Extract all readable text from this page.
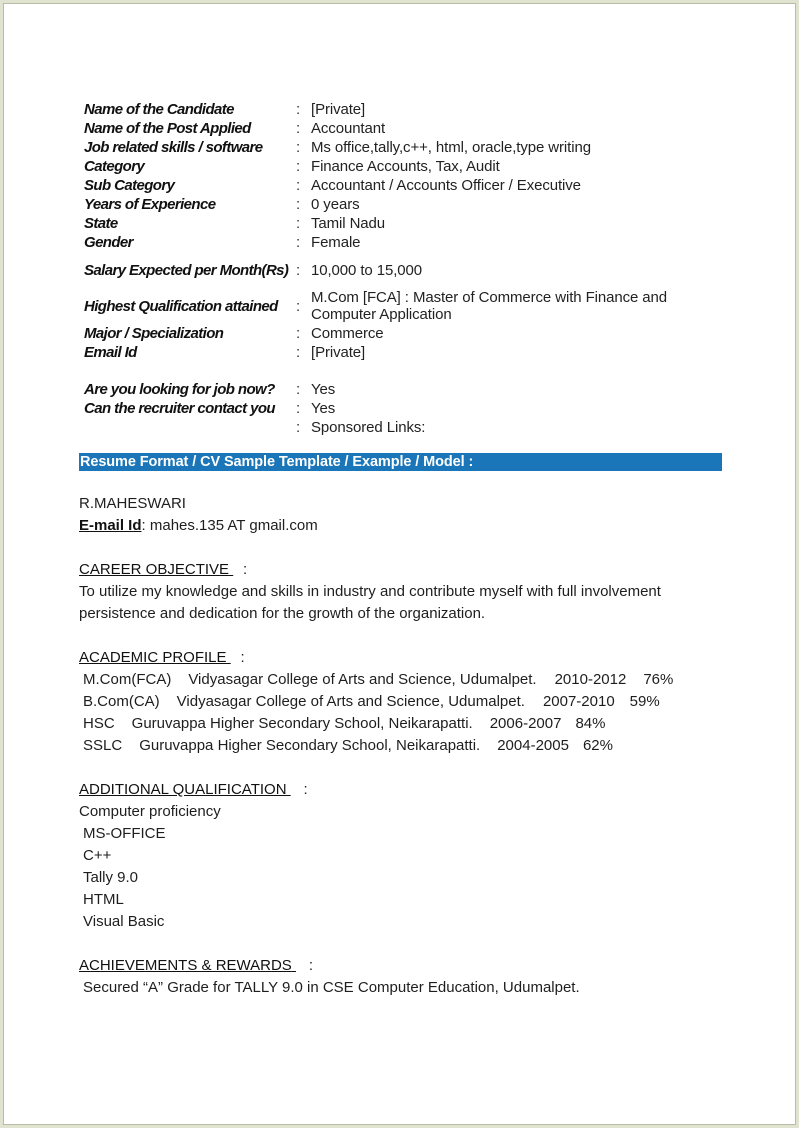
Name of the Candidate	:	[Private]
Name of the Post Applied	:	Accountant
Job related skills / software	:	Ms office,tally,c++, html, oracle,type writing
Category	:	Finance Accounts, Tax, Audit
Sub Category	:	Accountant / Accounts Officer / Executive
Years of Experience	:	0 years
State	:	Tamil Nadu
Gender	:	Female
Salary Expected per Month(Rs)	:	10,000 to 15,000
Highest Qualification attained	:	M.Com [FCA] : Master of Commerce with Finance and Computer Application
Major / Specialization	:	Commerce
Email Id	:	[Private]

Are you looking for job now?	:	Yes
Can the recruiter contact you	:	Yes
	:	Sponsored Links:
Resume Format / CV Sample Template / Example / Model :
R.MAHESWARI
E-mail Id: mahes.135 AT gmail.com
CAREER OBJECTIVE :
To utilize my knowledge and skills in industry and contribute myself with full involvement
persistence and dedication for the growth of the organization.
ACADEMIC PROFILE :
M.Com(FCA) Vidyasagar College of Arts and Science, Udumalpet. 2010-2012 76%
B.Com(CA) Vidyasagar College of Arts and Science, Udumalpet. 2007-2010 59%
HSC Guruvappa Higher Secondary School, Neikarapatti. 2006-2007 84%
SSLC Guruvappa Higher Secondary School, Neikarapatti. 2004-2005 62%
ADDITIONAL QUALIFICATION :
Computer proficiency
MS-OFFICE
C++
Tally 9.0
HTML
Visual Basic
ACHIEVEMENTS & REWARDS :
Secured “A” Grade for TALLY 9.0 in CSE Computer Education, Udumalpet.
